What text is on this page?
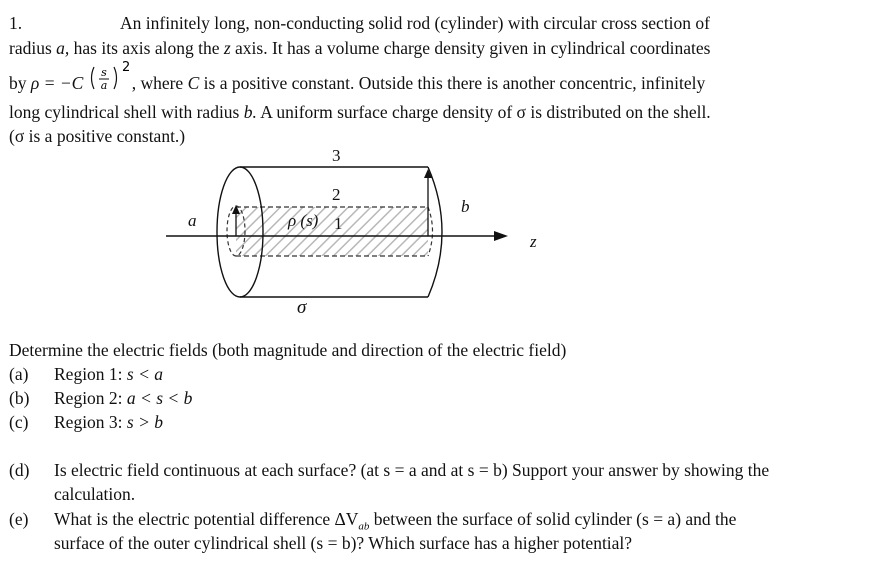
1.	An infinitely long, non-conducting solid rod (cylinder) with circular cross section of
radius a, has its axis along the z axis. It has a volume charge density given in cylindrical coordinates
by ρ = −C
s
a
2
, where C is a positive constant. Outside this there is another concentric, infinitely
long cylindrical shell with radius b. A uniform surface charge density of σ is distributed on the shell.
(σ is a positive constant.)
3
2
1
ρ (s)
a
b
z
σ
Determine the electric fields (both magnitude and direction of the electric field)
(a) Region 1: s < a
(b) Region 2: a < s < b
(c) Region 3: s > b
(d) Is electric field continuous at each surface? (at s = a and at s = b) Support your answer by showing the
calculation.
(e) What is the electric potential difference $\Delta V_{ab}$ between the surface of solid cylinder (s = a) and the
surface of the outer cylindrical shell (s = b)? Which surface has a higher potential?
